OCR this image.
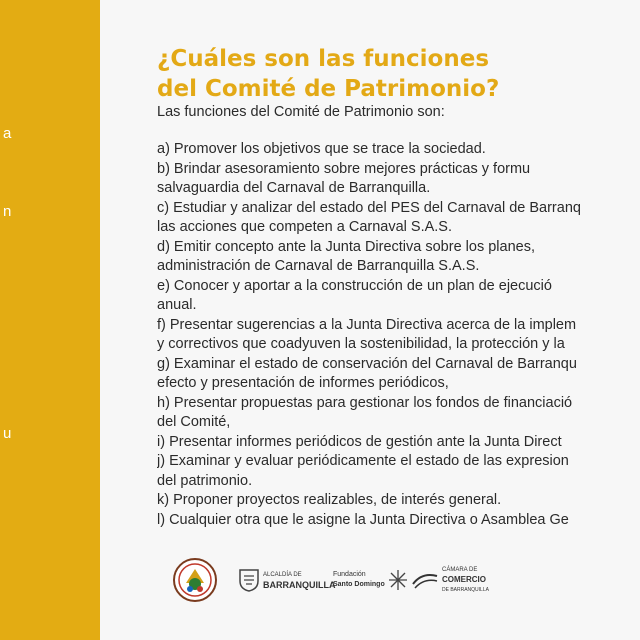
a
n
u
¿Cuáles son las funciones
del Comité de Patrimonio?
Las funciones del Comité de Patrimonio son:
a) Promover los objetivos que se trace la sociedad.
b) Brindar asesoramiento sobre mejores prácticas y formu
salvaguardia del Carnaval de Barranquilla.
c) Estudiar y analizar del estado del PES del Carnaval de Barranq
las acciones que competen a Carnaval S.A.S.
d) Emitir concepto ante la Junta Directiva sobre los planes,
administración de Carnaval de Barranquilla S.A.S.
e) Conocer y aportar a la construcción de un plan de ejecució
anual.
f) Presentar sugerencias a la Junta Directiva acerca de la implem
y correctivos que coadyuven la sostenibilidad, la protección y la
g) Examinar el estado de conservación del Carnaval de Barranqu
efecto y presentación de informes periódicos,
h) Presentar propuestas para gestionar los fondos de financiació
del Comité,
i) Presentar informes periódicos de gestión ante la Junta Direct
j) Examinar y evaluar periódicamente el estado de las expresion
del patrimonio.
k) Proponer proyectos realizables, de interés general.
l) Cualquier otra que le asigne la Junta Directiva o Asamblea Ge
ALCALDÍA DE
BARRANQUILLA
Fundación
Santo Domingo
CÁMARA DE
COMERCIO
DE BARRANQUILLA
